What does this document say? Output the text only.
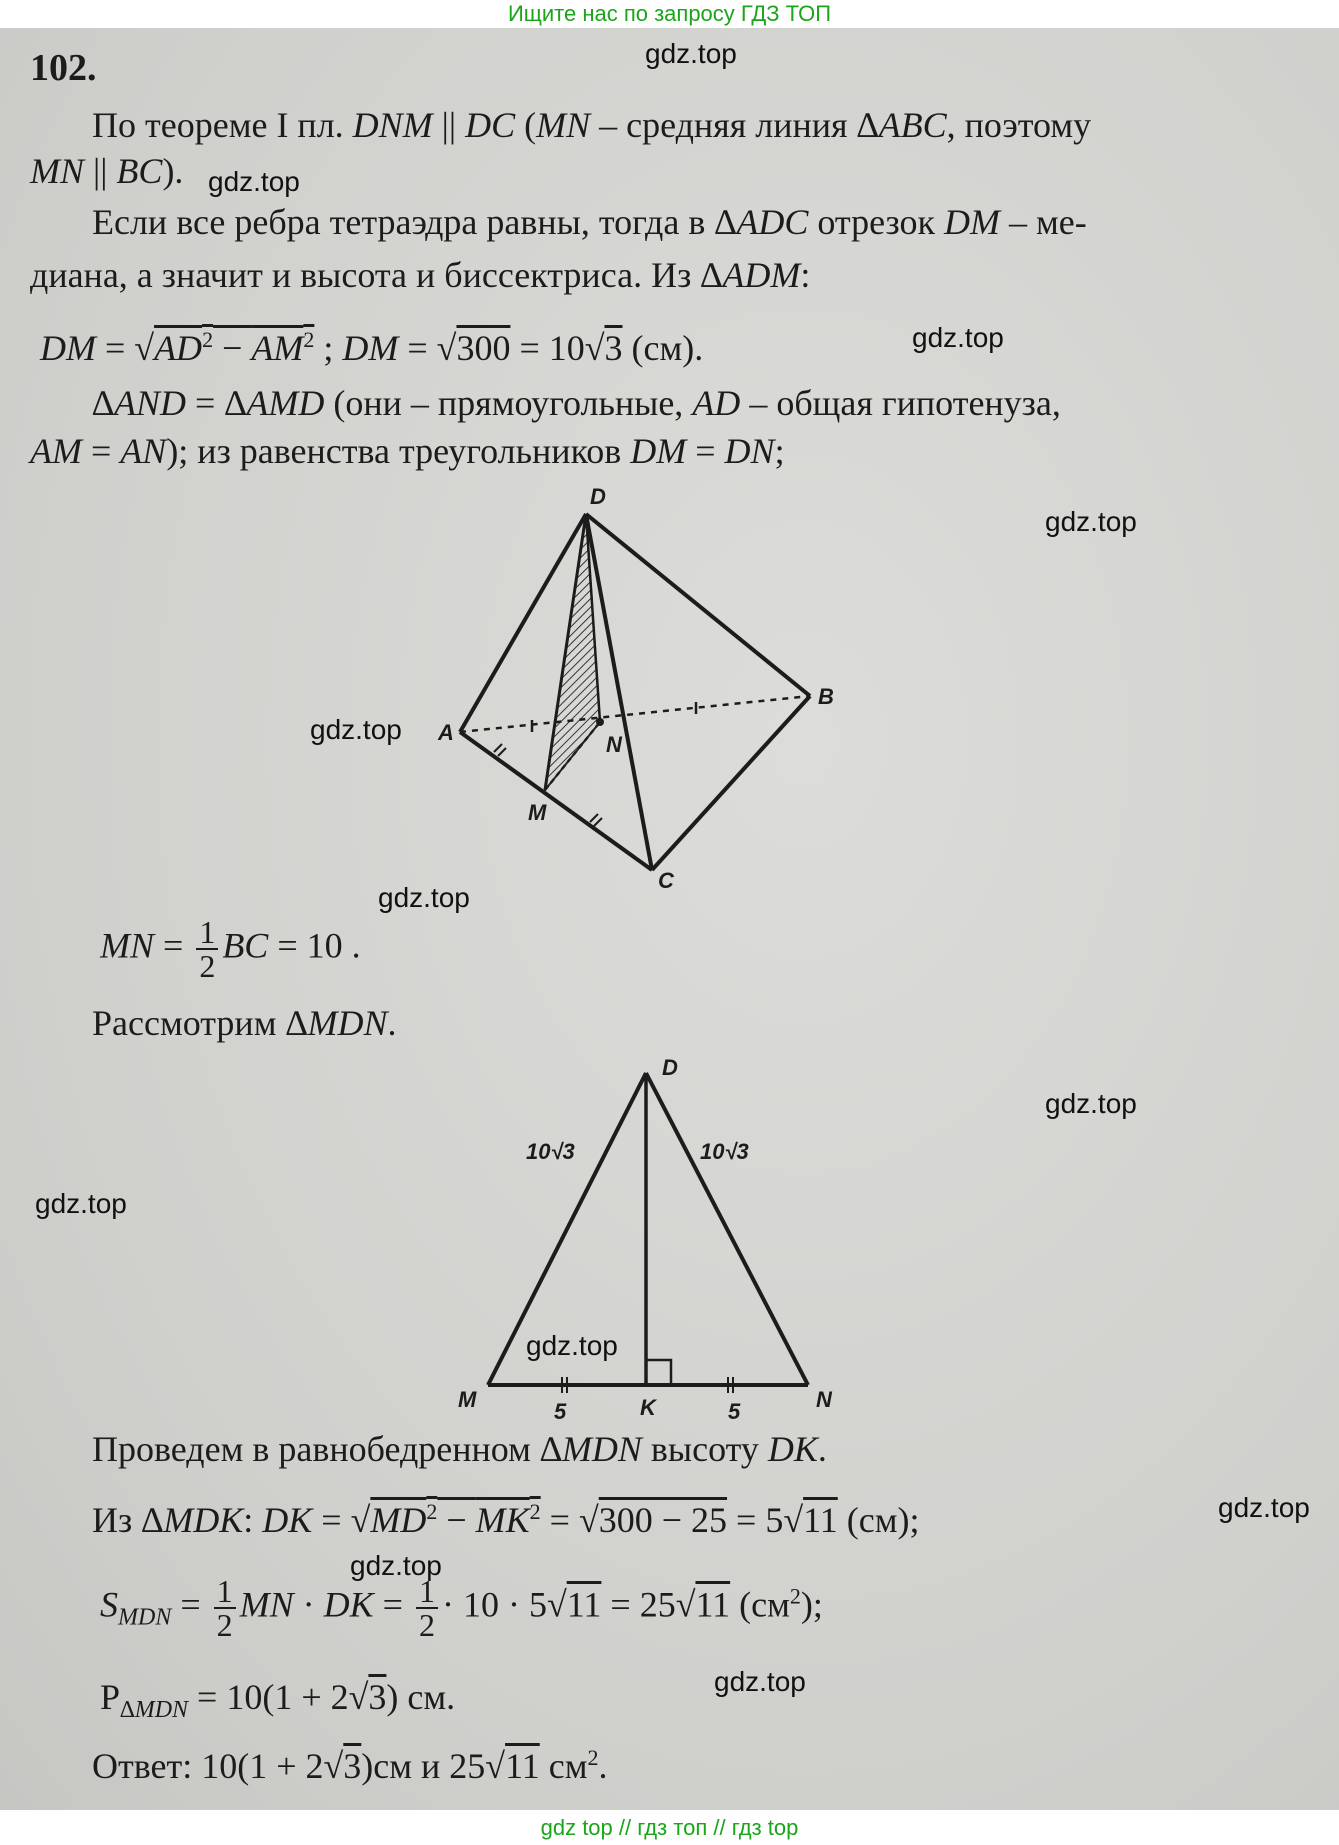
Ищите нас по запросу ГДЗ ТОП
102.
По теореме I пл. DNM || DC (MN – средняя линия ∆ABC, поэтому
MN || BC).
Если все ребра тетраэдра равны, тогда в ∆ADC отрезок DM – ме-
диана, а значит и высота и биссектриса. Из ∆ADM:
DM = $√AD^2 - AM^2$ ; DM = √300 = 10√3 (см).
∆AND = ∆AMD (они – прямоугольные, AD – общая гипотенуза,
AM = AN); из равенства треугольников DM = DN;
D
A
B
C
M
N
MN = $\frac{1}{2}$ BC = 10 .
Рассмотрим ∆MDN.
D
M	N
K
10√3	10√3
5	5
Проведем в равнобедренном ∆MDN высоту DK.
Из ∆MDK: DK = $√MD^2 - MK^2 = √300 - 25 = 5√11$ (см);
$S_{MDN} = \frac{1}{2}$ MN · DK = $\frac{1}{2} \cdot 10 \cdot 5√11 = 25√11$ $(см^2)$;
$P_{\Delta MDN} = 10(1 + 2√3)$ см.
Ответ: 10(1 + 2√3)см и 25√11 $см^2$.
gdz.top
gdz.top
gdz.top
gdz.top
gdz.top
gdz.top
gdz.top
gdz.top
gdz.top
gdz.top
gdz.top
gdz.top
gdz top // гдз топ // гдз top
